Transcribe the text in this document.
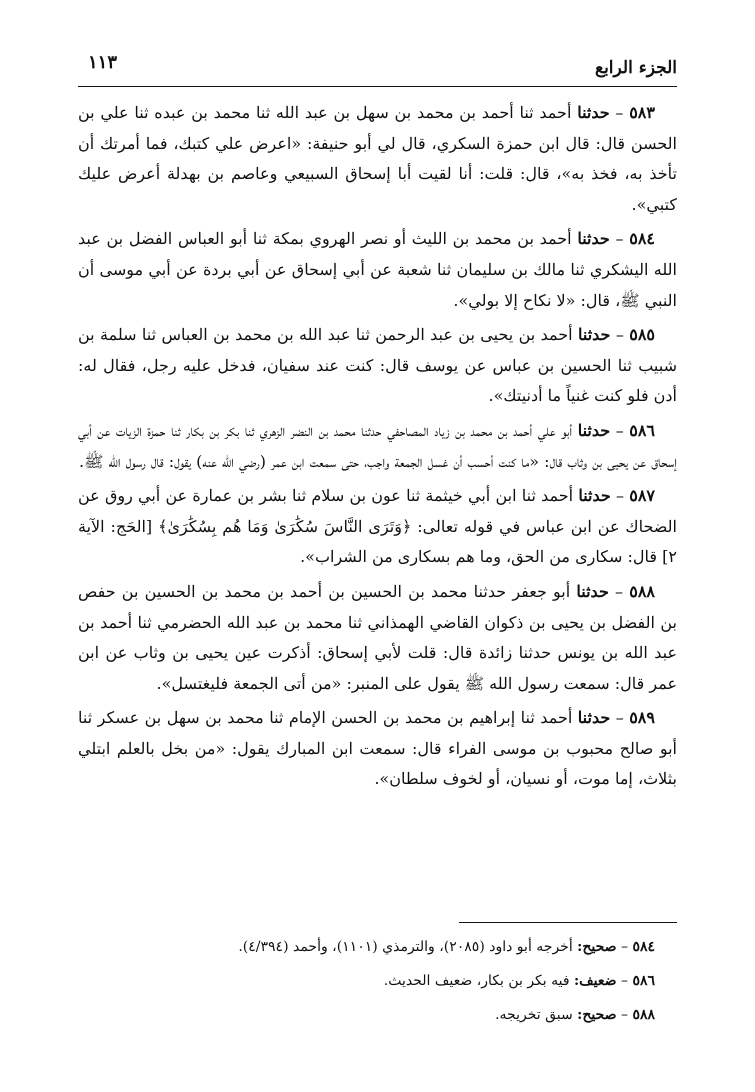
الجزء الرابع
١١٣

٥٨٣ – حدثنا أحمد ثنا أحمد بن محمد بن سهل بن عبد الله ثنا محمد بن عبده ثنا علي بن الحسن قال: قال ابن حمزة السكري، قال لي أبو حنيفة: «اعرض علي كتبك، فما أمرتك أن تأخذ به، فخذ به»، قال: قلت: أنا لقيت أبا إسحاق السبيعي وعاصم بن بهدلة أعرض عليك كتبي».

٥٨٤ – حدثنا أحمد بن محمد بن الليث أو نصر الهروي بمكة ثنا أبو العباس الفضل بن عبد الله اليشكري ثنا مالك بن سليمان ثنا شعبة عن أبي إسحاق عن أبي بردة عن أبي موسى أن النبي ﷺ، قال: «لا نكاح إلا بولي».

٥٨٥ – حدثنا أحمد بن يحيى بن عبد الرحمن ثنا عبد الله بن محمد بن العباس ثنا سلمة بن شبيب ثنا الحسين بن عباس عن يوسف قال: كنت عند سفيان، فدخل عليه رجل، فقال له: أدن فلو كنت غنياً ما أدنيتك».

٥٨٦ – حدثنا أبو علي أحمد بن محمد بن زياد المصاحفي حدثنا محمد بن النضر الزهري ثنا بكر بن بكار ثنا حمزة الزيات عن أبي إسحاق عن يحيى بن وثاب قال: «ما كنت أحسب أن غسل الجمعة واجب، حتى سمعت ابن عمر (رضي الله عنه) يقول: قال رسول الله ﷺ.

٥٨٧ – حدثنا أحمد ثنا ابن أبي خيثمة ثنا عون بن سلام ثنا بشر بن عمارة عن أبي روق عن الضحاك عن ابن عباس في قوله تعالى: ﴿وَتَرَى النَّاسَ سُكَٰرَىٰ وَمَا هُم بِسُكَٰرَىٰ﴾ [الحَج: الآية ٢] قال: سكارى من الحق، وما هم بسكارى من الشراب».

٥٨٨ – حدثنا أبو جعفر حدثنا محمد بن الحسين بن أحمد بن محمد بن الحسين بن حفص بن الفضل بن يحيى بن ذكوان القاضي الهمذاني ثنا محمد بن عبد الله الحضرمي ثنا أحمد بن عبد الله بن يونس حدثنا زائدة قال: قلت لأبي إسحاق: أذكرت عين يحيى بن وثاب عن ابن عمر قال: سمعت رسول الله ﷺ يقول على المنبر: «من أتى الجمعة فليغتسل».

٥٨٩ – حدثنا أحمد ثنا إبراهيم بن محمد بن الحسن الإمام ثنا محمد بن سهل بن عسكر ثنا أبو صالح محبوب بن موسى الفراء قال: سمعت ابن المبارك يقول: «من بخل بالعلم ابتلي بثلاث، إما موت، أو نسيان، أو لخوف سلطان».

٥٨٤ – صحيح: أخرجه أبو داود (٢٠٨٥)، والترمذي (١١٠١)، وأحمد (٤/٣٩٤).
٥٨٦ – ضعيف: فيه بكر بن بكار، ضعيف الحديث.
٥٨٨ – صحيح: سبق تخريجه.
